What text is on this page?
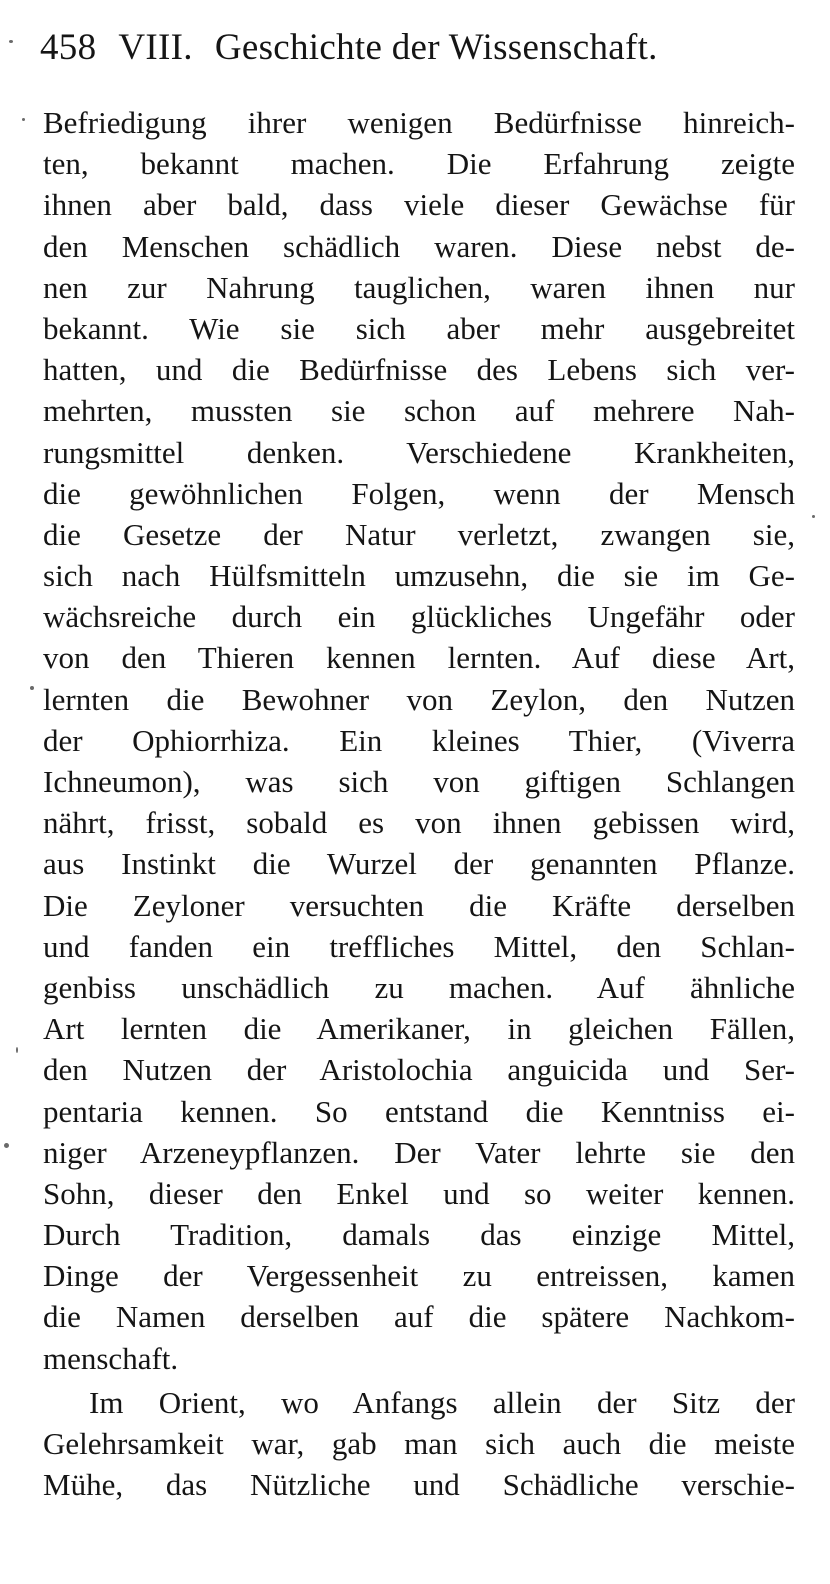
458 VIII. Geschichte der Wissenschaft.
Befriedigung ihrer wenigen Bedürfnisse hinreich-
ten, bekannt machen. Die Erfahrung zeigte
ihnen aber bald, dass viele dieser Gewächse für
den Menschen schädlich waren. Diese nebst de-
nen zur Nahrung tauglichen, waren ihnen nur
bekannt. Wie sie sich aber mehr ausgebreitet
hatten, und die Bedürfnisse des Lebens sich ver-
mehrten, mussten sie schon auf mehrere Nah-
rungsmittel denken. Verschiedene Krankheiten,
die gewöhnlichen Folgen, wenn der Mensch
die Gesetze der Natur verletzt, zwangen sie,
sich nach Hülfsmitteln umzusehn, die sie im Ge-
wächsreiche durch ein glückliches Ungefähr oder
von den Thieren kennen lernten. Auf diese Art,
lernten die Bewohner von Zeylon, den Nutzen
der Ophiorrhiza. Ein kleines Thier, (Viverra
Ichneumon), was sich von giftigen Schlangen
nährt, frisst, sobald es von ihnen gebissen wird,
aus Instinkt die Wurzel der genannten Pflanze.
Die Zeyloner versuchten die Kräfte derselben
und fanden ein treffliches Mittel, den Schlan-
genbiss unschädlich zu machen. Auf ähnliche
Art lernten die Amerikaner, in gleichen Fällen,
den Nutzen der Aristolochia anguicida und Ser-
pentaria kennen. So entstand die Kenntniss ei-
niger Arzeneypflanzen. Der Vater lehrte sie den
Sohn, dieser den Enkel und so weiter kennen.
Durch Tradition, damals das einzige Mittel,
Dinge der Vergessenheit zu entreissen, kamen
die Namen derselben auf die spätere Nachkom-
menschaft.
Im Orient, wo Anfangs allein der Sitz der
Gelehrsamkeit war, gab man sich auch die meiste
Mühe, das Nützliche und Schädliche verschie-
